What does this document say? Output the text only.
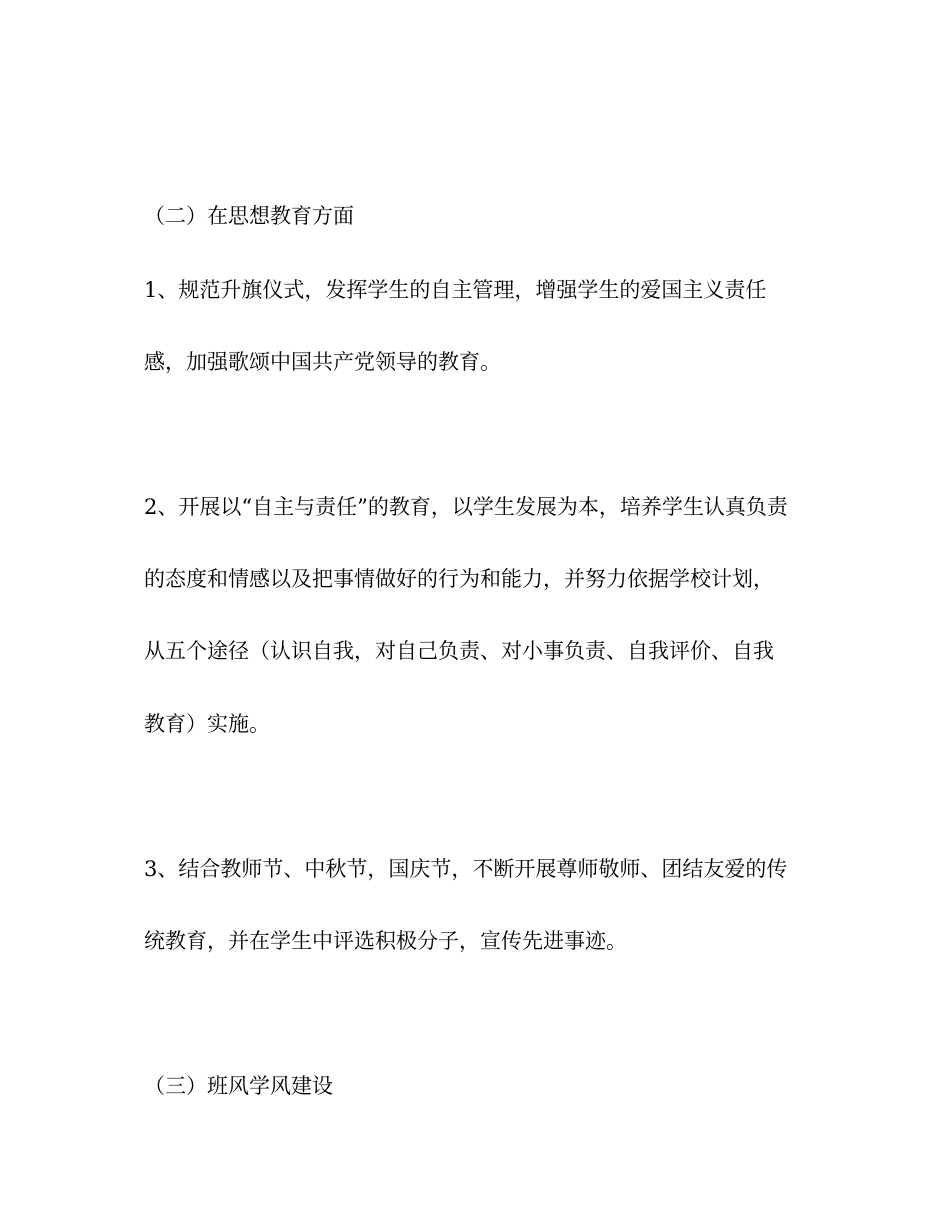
（二）在思想教育方面
1、规范升旗仪式，发挥学生的自主管理，增强学生的爱国主义责任
感，加强歌颂中国共产党领导的教育。
2、开展以“自主与责任”的教育，以学生发展为本，培养学生认真负责
的态度和情感以及把事情做好的行为和能力，并努力依据学校计划，
从五个途径（认识自我，对自己负责、对小事负责、自我评价、自我
教育）实施。
3、结合教师节、中秋节，国庆节，不断开展尊师敬师、团结友爱的传
统教育，并在学生中评选积极分子，宣传先进事迹。
（三）班风学风建设
